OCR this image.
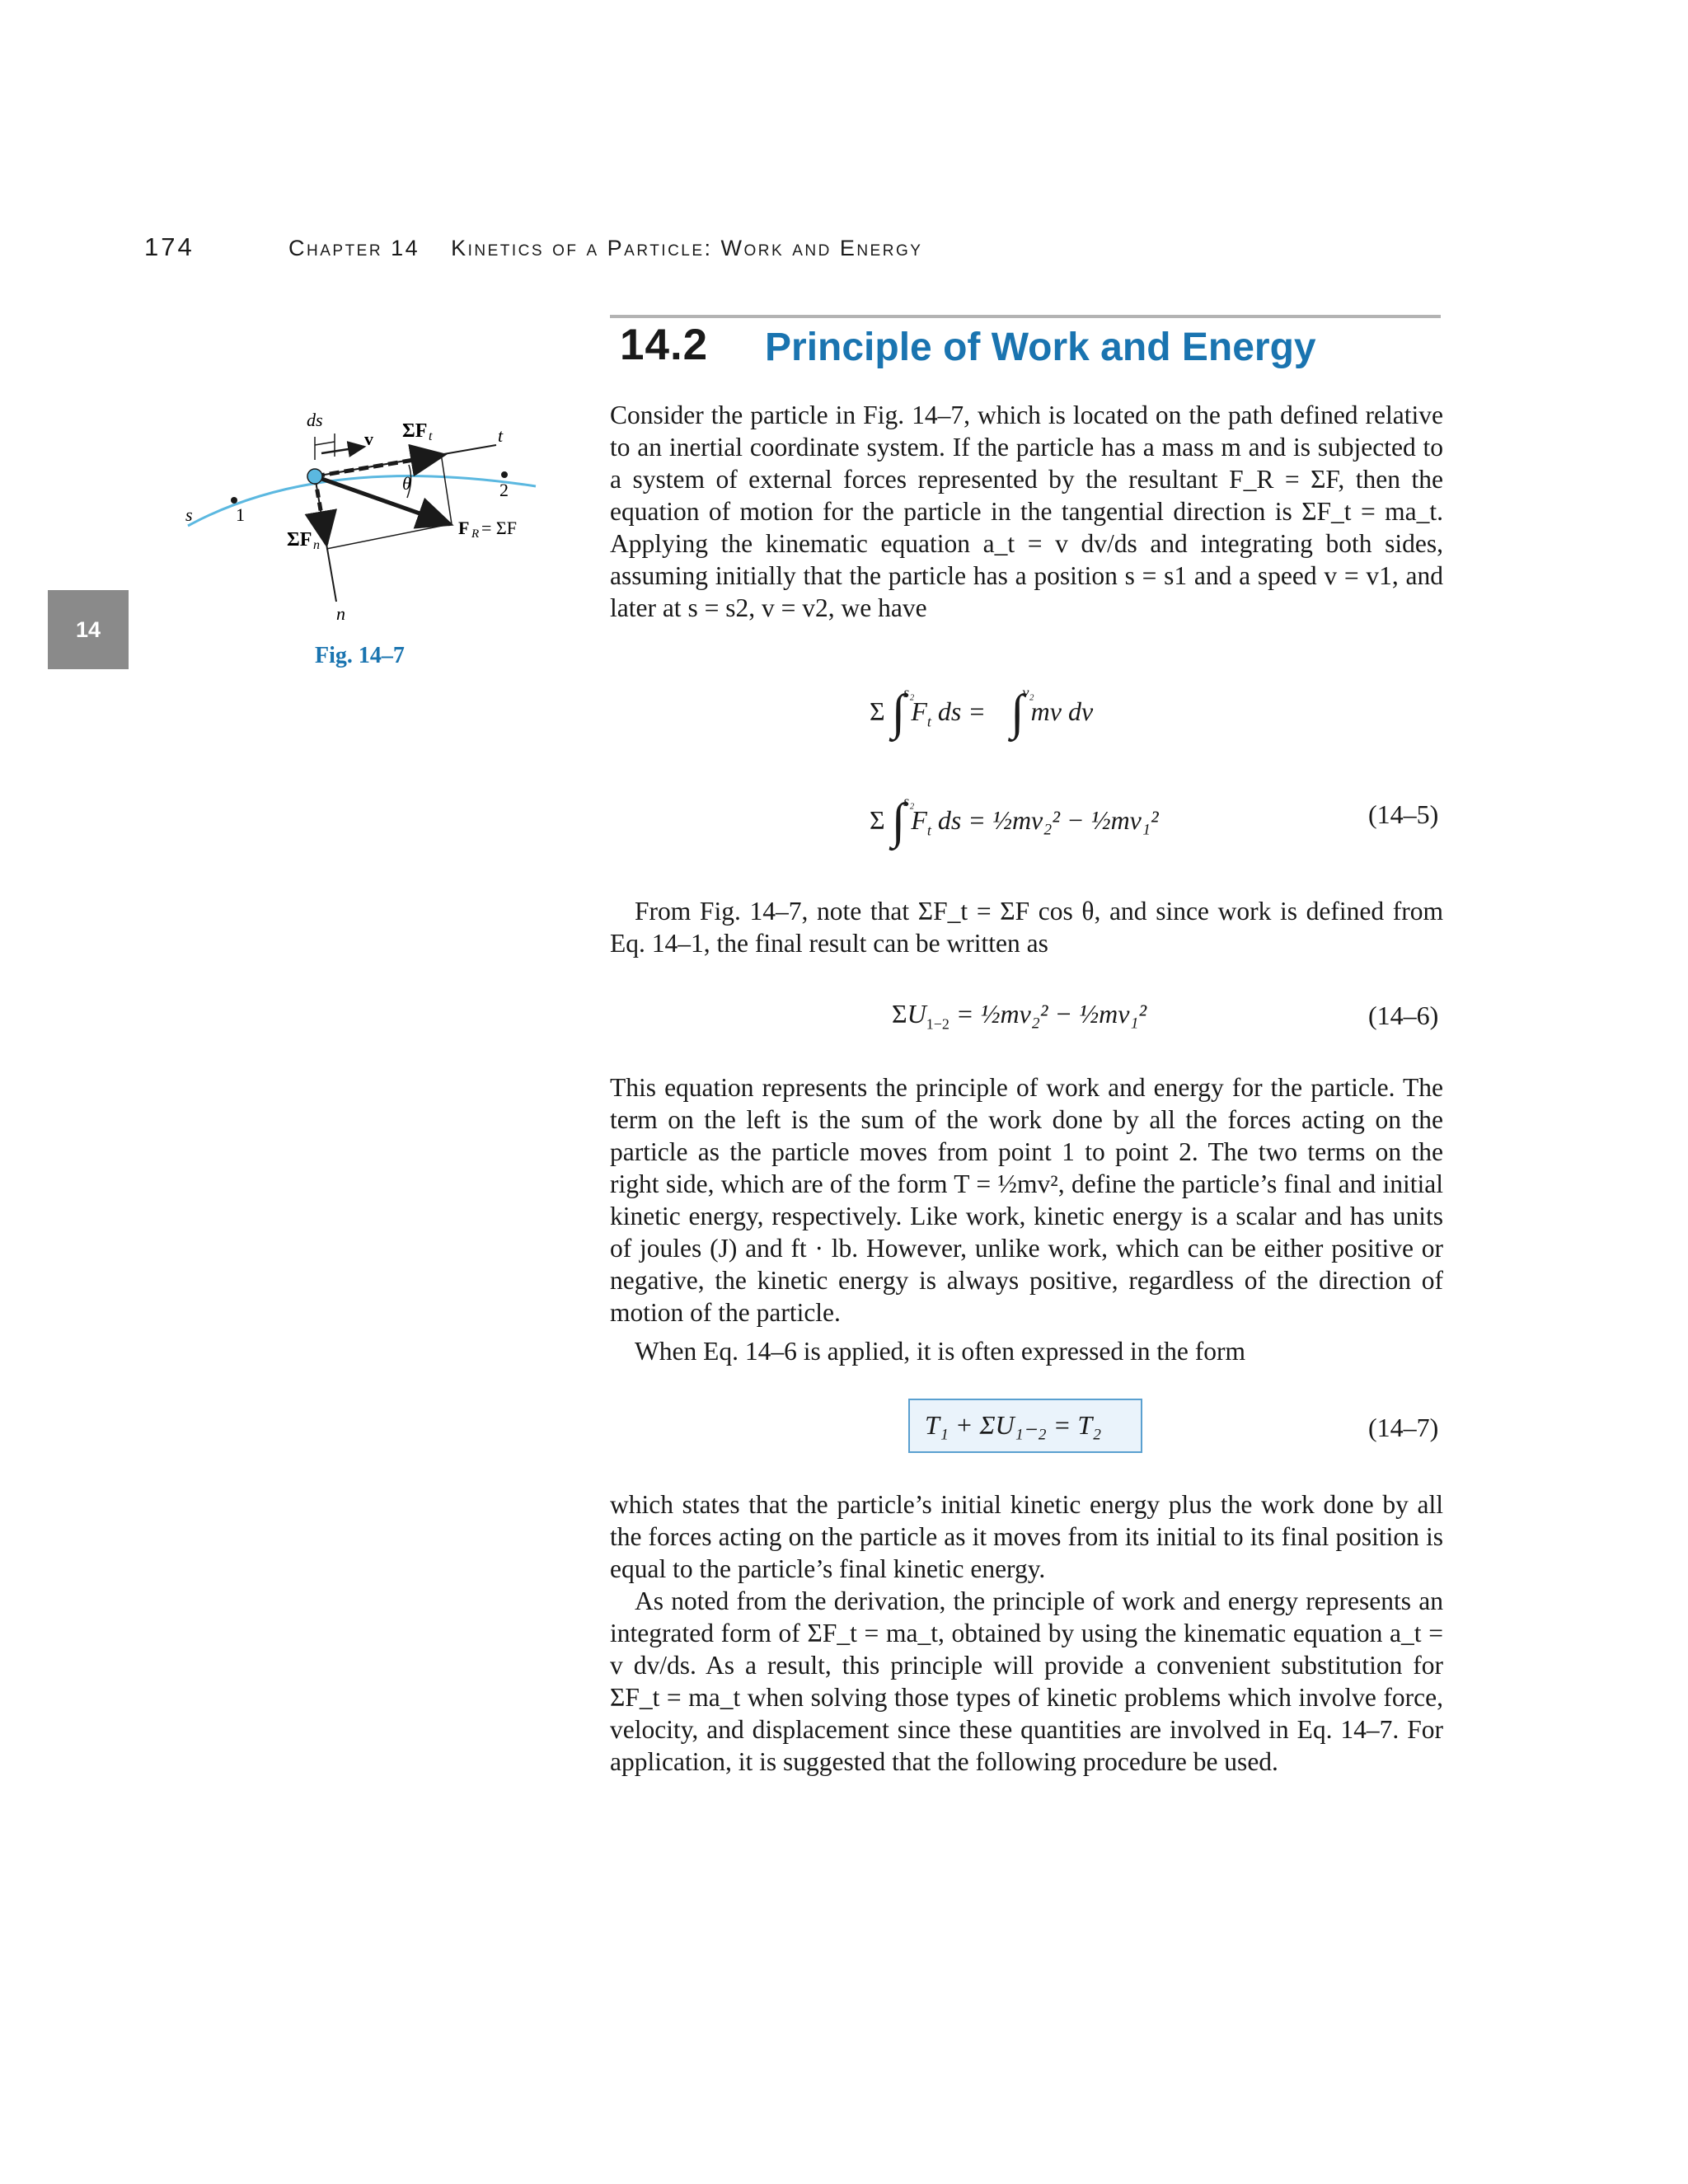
174	Chapter 14 Kinetics of a Particle: Work and Energy
14.2 Principle of Work and Energy
14
ds
v ΣF t	t
θ	2
1
s
ΣF n
F R = ΣF
n
Fig. 14–7

Consider the particle in Fig. 14–7, which is located on the path defined relative to an inertial coordinate system. If the particle has a mass m and is subjected to a system of external forces represented by the resultant F_R = ΣF, then the equation of motion for the particle in the tangential direction is ΣF_t = ma_t. Applying the kinematic equation a_t = v dv/ds and integrating both sides, assuming initially that the particle has a position s = s1 and a speed v = v1, and later at s = s2, v = v2, we have

Σ ∫ $^{s_2}$ $F_t$ ds = ∫ $^{v_2}$ mv dv
Σ ∫ $^{s_2}$ $F_t$ ds = ½mv₂² − ½mv₁²	(14–5)

From Fig. 14–7, note that ΣF_t = ΣF cos θ, and since work is defined from Eq. 14–1, the final result can be written as

$\Sigma U_{1-2}$ = ½mv₂² − ½mv₁²	(14–6)

This equation represents the principle of work and energy for the particle. The term on the left is the sum of the work done by all the forces acting on the particle as the particle moves from point 1 to point 2. The two terms on the right side, which are of the form T = ½mv², define the particle’s final and initial kinetic energy, respectively. Like work, kinetic energy is a scalar and has units of joules (J) and ft · lb. However, unlike work, which can be either positive or negative, the kinetic energy is always positive, regardless of the direction of motion of the particle.

When Eq. 14–6 is applied, it is often expressed in the form

T₁ + ΣU₁₋₂ = T₂	(14–7)

which states that the particle’s initial kinetic energy plus the work done by all the forces acting on the particle as it moves from its initial to its final position is equal to the particle’s final kinetic energy.

As noted from the derivation, the principle of work and energy represents an integrated form of ΣF_t = ma_t, obtained by using the kinematic equation a_t = v dv/ds. As a result, this principle will provide a convenient substitution for ΣF_t = ma_t when solving those types of kinetic problems which involve force, velocity, and displacement since these quantities are involved in Eq. 14–7. For application, it is suggested that the following procedure be used.
